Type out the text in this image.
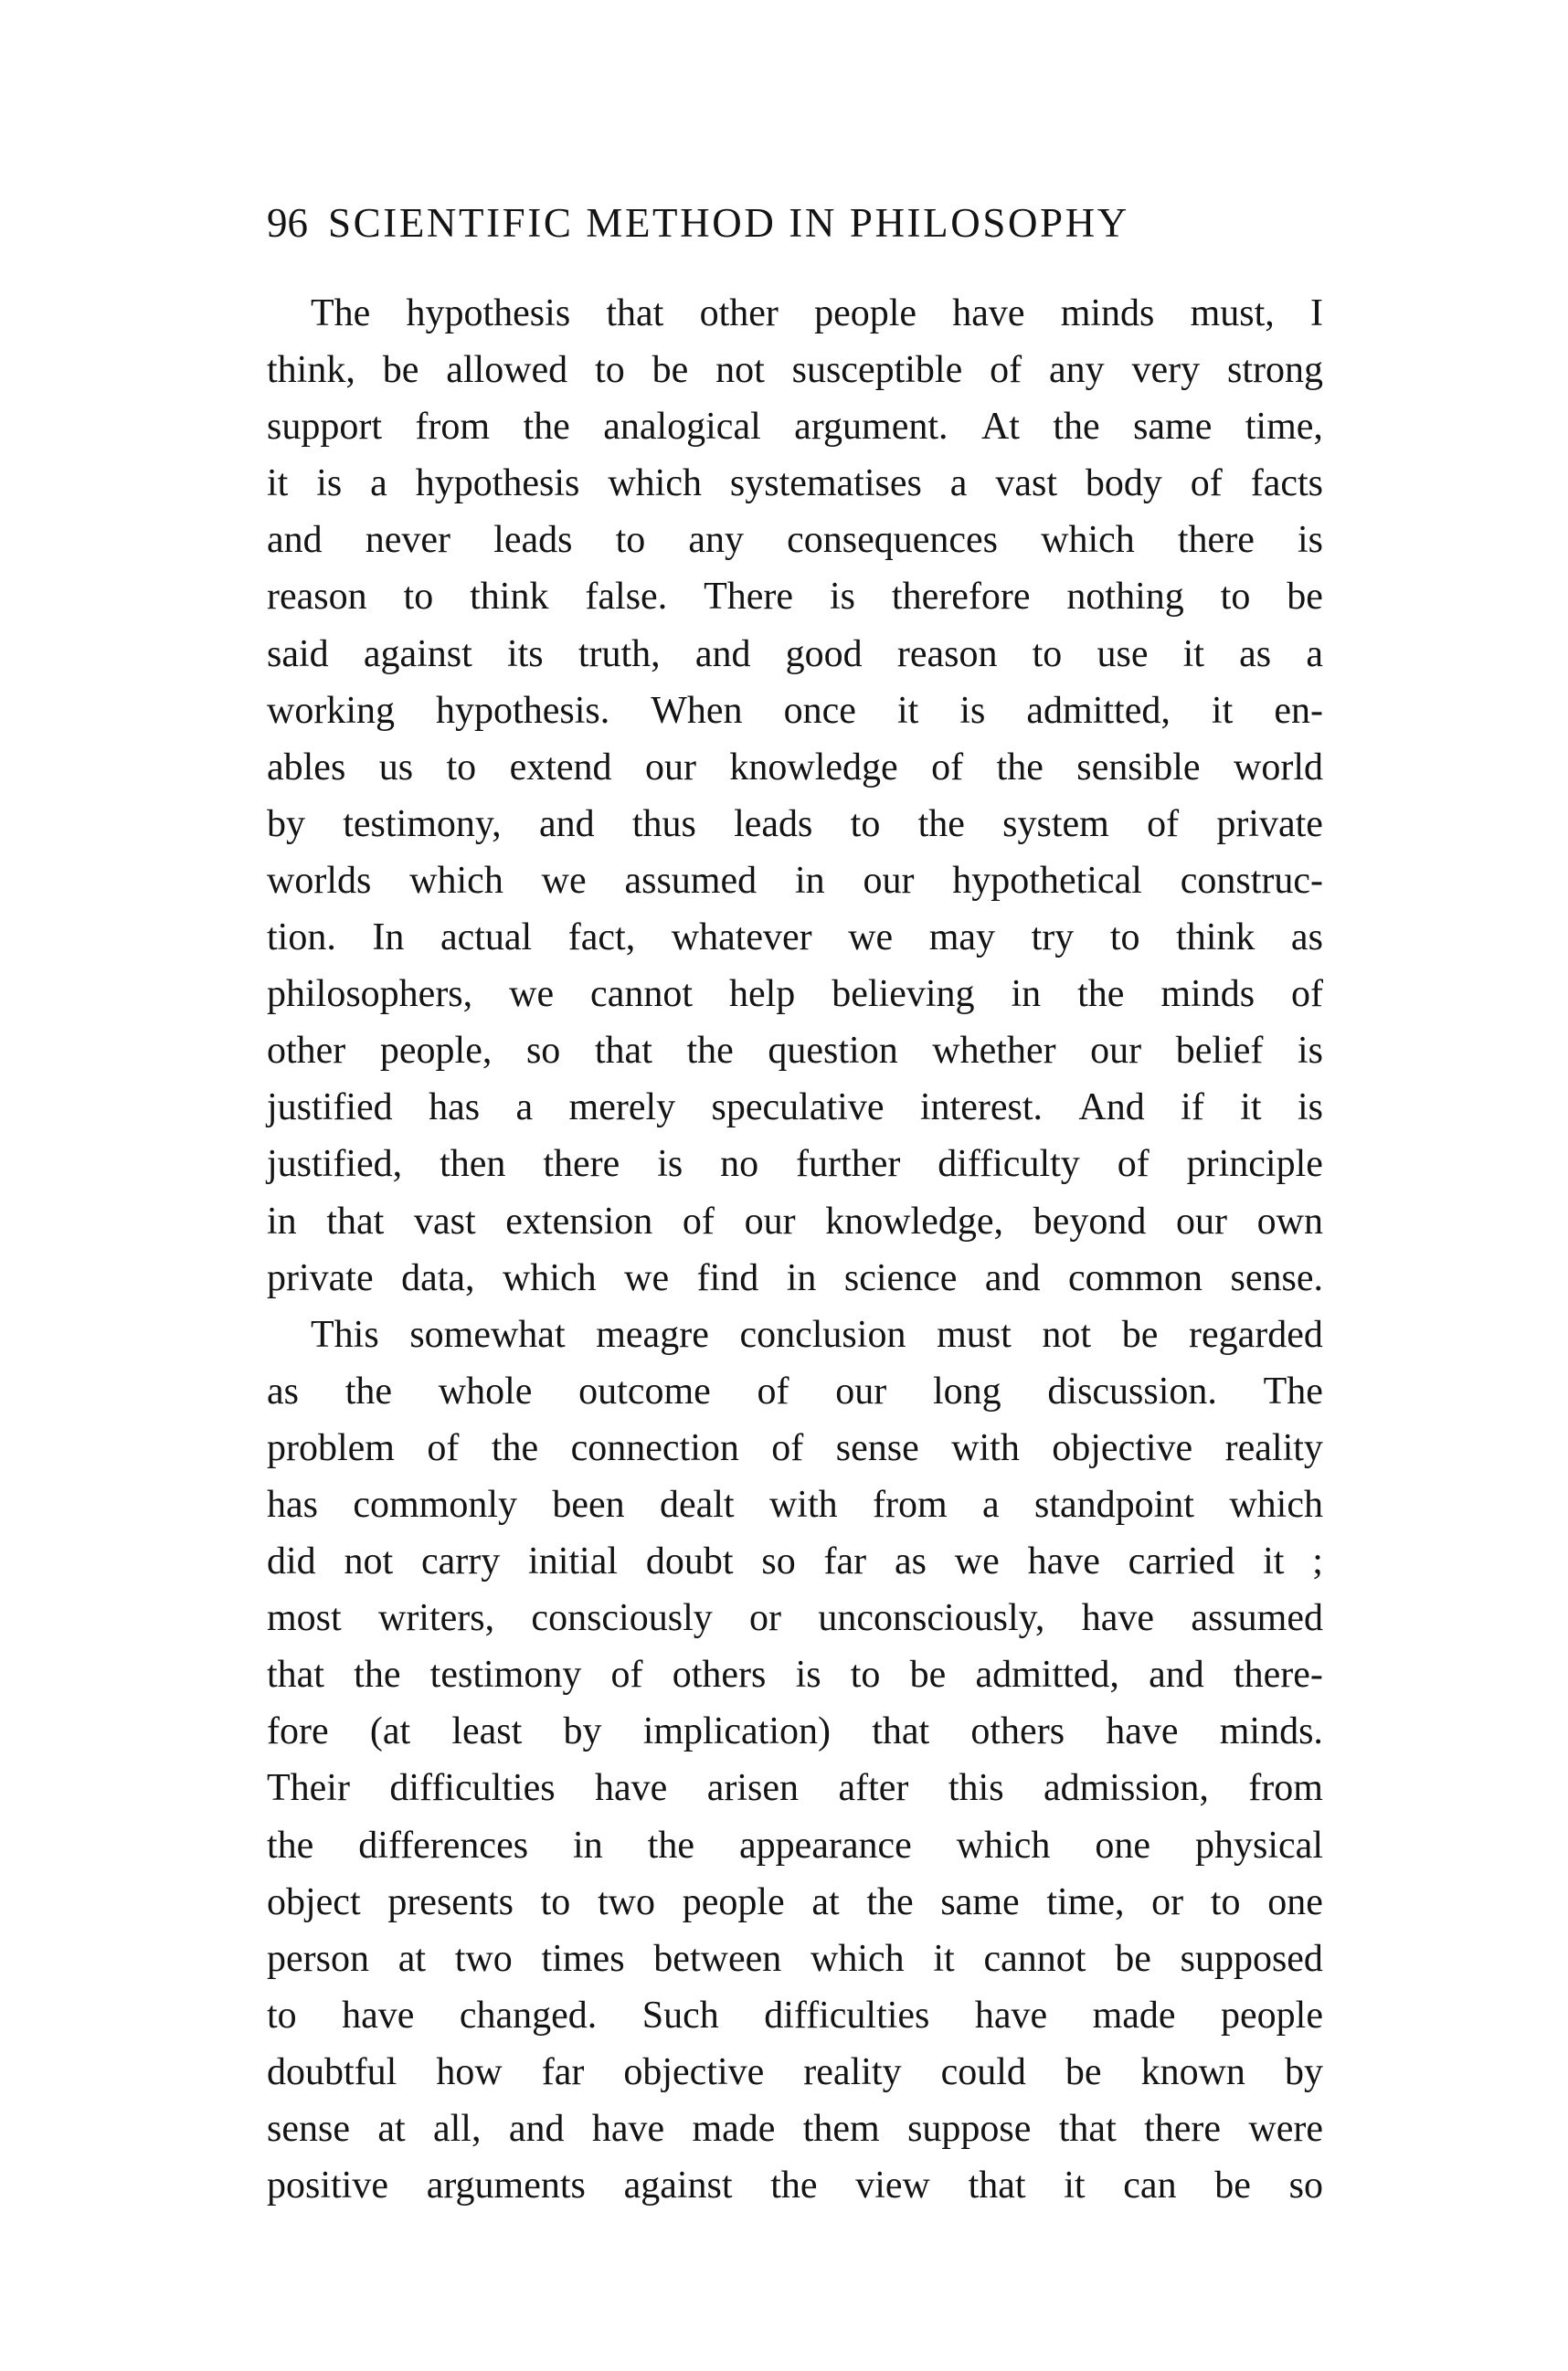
96 SCIENTIFIC METHOD IN PHILOSOPHY
The hypothesis that other people have minds must, I
think, be allowed to be not susceptible of any very strong
support from the analogical argument. At the same time,
it is a hypothesis which systematises a vast body of facts
and never leads to any consequences which there is
reason to think false. There is therefore nothing to be
said against its truth, and good reason to use it as a
working hypothesis. When once it is admitted, it en-
ables us to extend our knowledge of the sensible world
by testimony, and thus leads to the system of private
worlds which we assumed in our hypothetical construc-
tion. In actual fact, whatever we may try to think as
philosophers, we cannot help believing in the minds of
other people, so that the question whether our belief is
justified has a merely speculative interest. And if it is
justified, then there is no further difficulty of principle
in that vast extension of our knowledge, beyond our own
private data, which we find in science and common sense.
This somewhat meagre conclusion must not be regarded
as the whole outcome of our long discussion. The
problem of the connection of sense with objective reality
has commonly been dealt with from a standpoint which
did not carry initial doubt so far as we have carried it ;
most writers, consciously or unconsciously, have assumed
that the testimony of others is to be admitted, and there-
fore (at least by implication) that others have minds.
Their difficulties have arisen after this admission, from
the differences in the appearance which one physical
object presents to two people at the same time, or to one
person at two times between which it cannot be supposed
to have changed. Such difficulties have made people
doubtful how far objective reality could be known by
sense at all, and have made them suppose that there were
positive arguments against the view that it can be so
